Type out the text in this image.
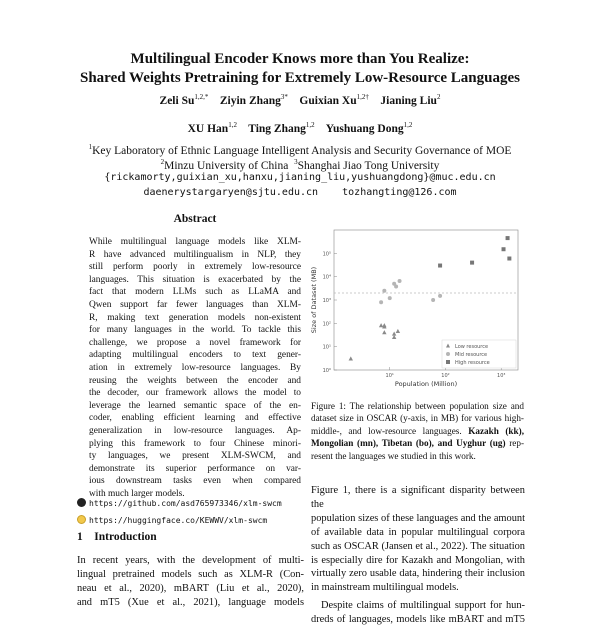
Multilingual Encoder Knows more than You Realize:
Shared Weights Pretraining for Extremely Low-Resource Languages
Zeli $Su^{1,2,*}$ Ziyin Zhang$^{3*}$ Guixian $Xu^{1,2\dagger}$ Jianing Liu$^2$
XU Han$^{1,2}$ Ting Zhang$^{1,2}$ Yushuang Dong$^{1,2}$
$^1$Key Laboratory of Ethnic Language Intelligent Analysis and Security Governance of MOE
$^2$Minzu University of China $^3$Shanghai Jiao Tong University
{rickamorty,guixian_xu,hanxu,jianing_liu,yushuangdong}@muc.edu.cn
daenerystargaryen@sjtu.edu.cn    tozhangting@126.com
Abstract
While multilingual language models like XLM-
R have advanced multilingualism in NLP, they
still perform poorly in extremely low-resource
languages. This situation is exacerbated by the
fact that modern LLMs such as LLaMA and
Qwen support far fewer languages than XLM-
R, making text generation models non-existent
for many languages in the world. To tackle this
challenge, we propose a novel framework for
adapting multilingual encoders to text gener-
ation in extremely low-resource languages. By
reusing the weights between the encoder and
the decoder, our framework allows the model to
leverage the learned semantic space of the en-
coder, enabling efficient learning and effective
generalization in low-resource languages. Ap-
plying this framework to four Chinese minori-
ty languages, we present XLM-SWCM, and
demonstrate its superior performance on var-
ious downstream tasks even when compared
with much larger models.
https://github.com/asd765973346/xlm-swcm
https://huggingface.co/KEWWV/xlm-swcm
1 Introduction
In recent years, with the development of multi-
lingual pretrained models such as XLM-R (Con-
neau et al., 2020), mBART (Liu et al., 2020),
and mT5 (Xue et al., 2021), language models
10⁰
10¹
10²
10³
10⁴
10⁵
10¹	10²	10³
Population (Million)
Size of Dataset (MB)
Low resource
Mid resource
High resource
Figure 1: The relationship between population size and
dataset size in OSCAR (y-axis, in MB) for various high-
middle-, and low-resource languages. Kazakh (kk),
Mongolian (mn), Tibetan (bo), and Uyghur (ug) rep-
resent the languages we studied in this work.
Figure 1, there is a significant disparity between the
population sizes of these languages and the amount
of available data in popular multilingual corpora
such as OSCAR (Jansen et al., 2022). The situation
is especially dire for Kazakh and Mongolian, with
virtually zero usable data, hindering their inclusion
in mainstream multilingual models.
Despite claims of multilingual support for hun-
dreds of languages, models like mBART and mT5
